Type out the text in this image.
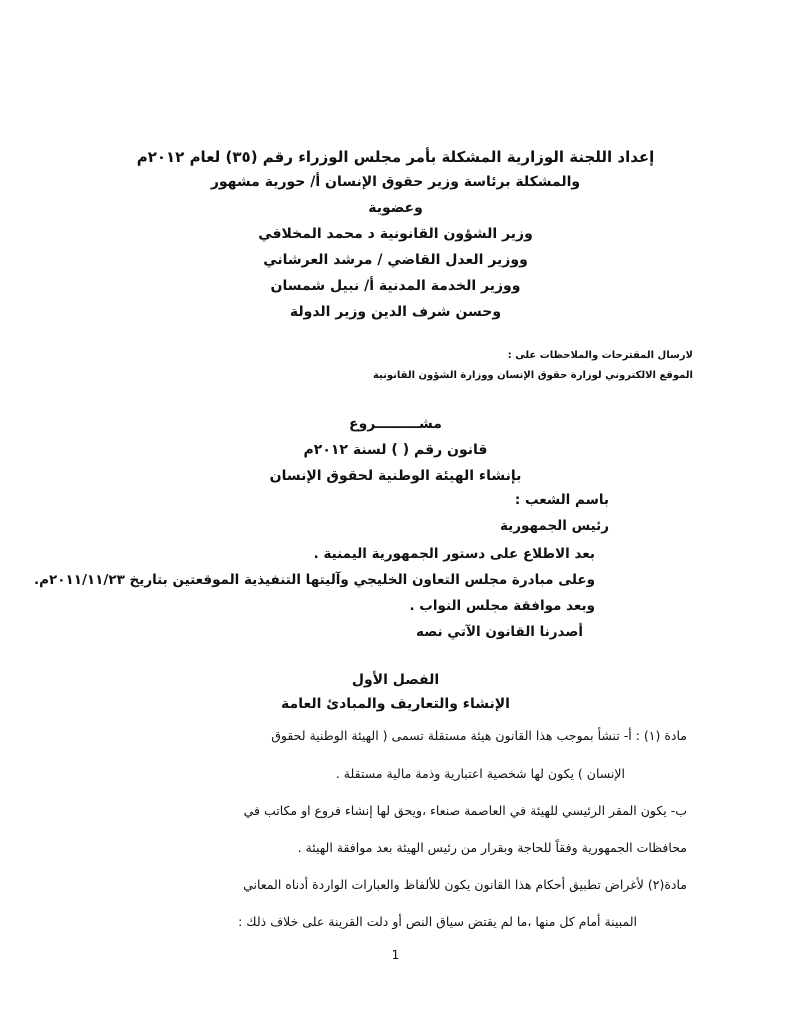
إعداد اللجنة الوزارية المشكلة بأمر مجلس الوزراء رقم (٣٥) لعام ٢٠١٢م
والمشكلة برئاسة وزير حقوق الإنسان أ/ حورية مشهور
وعضوية
وزير الشؤون القانونية د محمد المخلافي
ووزير العدل القاضي / مرشد العرشاني
ووزير الخدمة المدنية أ/ نبيل شمسان
وحسن شرف الدين وزير الدولة
لارسال المقترحات والملاحظات على :
الموقع الالكتروني لوزارة حقوق الإنسان ووزارة الشؤون القانونية
مشـــــــــروع
قانون رقم ( ) لسنة ٢٠١٢م
بإنشاء الهيئة الوطنية لحقوق الإنسان
باسم الشعب :
رئيس الجمهورية
بعد الاطلاع على دستور الجمهورية اليمنية .
وعلى مبادرة مجلس التعاون الخليجي وآليتها التنفيذية الموقعتين بتاريخ ٢٠١١/١١/٢٣م.
وبعد موافقة مجلس النواب .
أصدرنا القانون الآتي نصه
الفصل الأول
الإنشاء والتعاريف والمبادئ العامة
مادة (١) : أ- تنشأ بموجب هذا القانون هيئة مستقلة تسمى ( الهيئة الوطنية لحقوق
الإنسان ) يكون لها شخصية اعتبارية وذمة مالية مستقلة .
ب- يكون المقر الرئيسي للهيئة في العاصمة صنعاء ،ويحق لها إنشاء فروع او مكاتب في
محافظات الجمهورية وفقاً للحاجة وبقرار من رئيس الهيئة بعد موافقة الهيئة .
مادة(٢) لأغراض تطبيق أحكام هذا القانون يكون للألفاظ والعبارات الواردة أدناه المعاني
المبينة أمام كل منها ،ما لم يقتض سياق النص أو دلت القرينة على خلاف ذلك :
1
